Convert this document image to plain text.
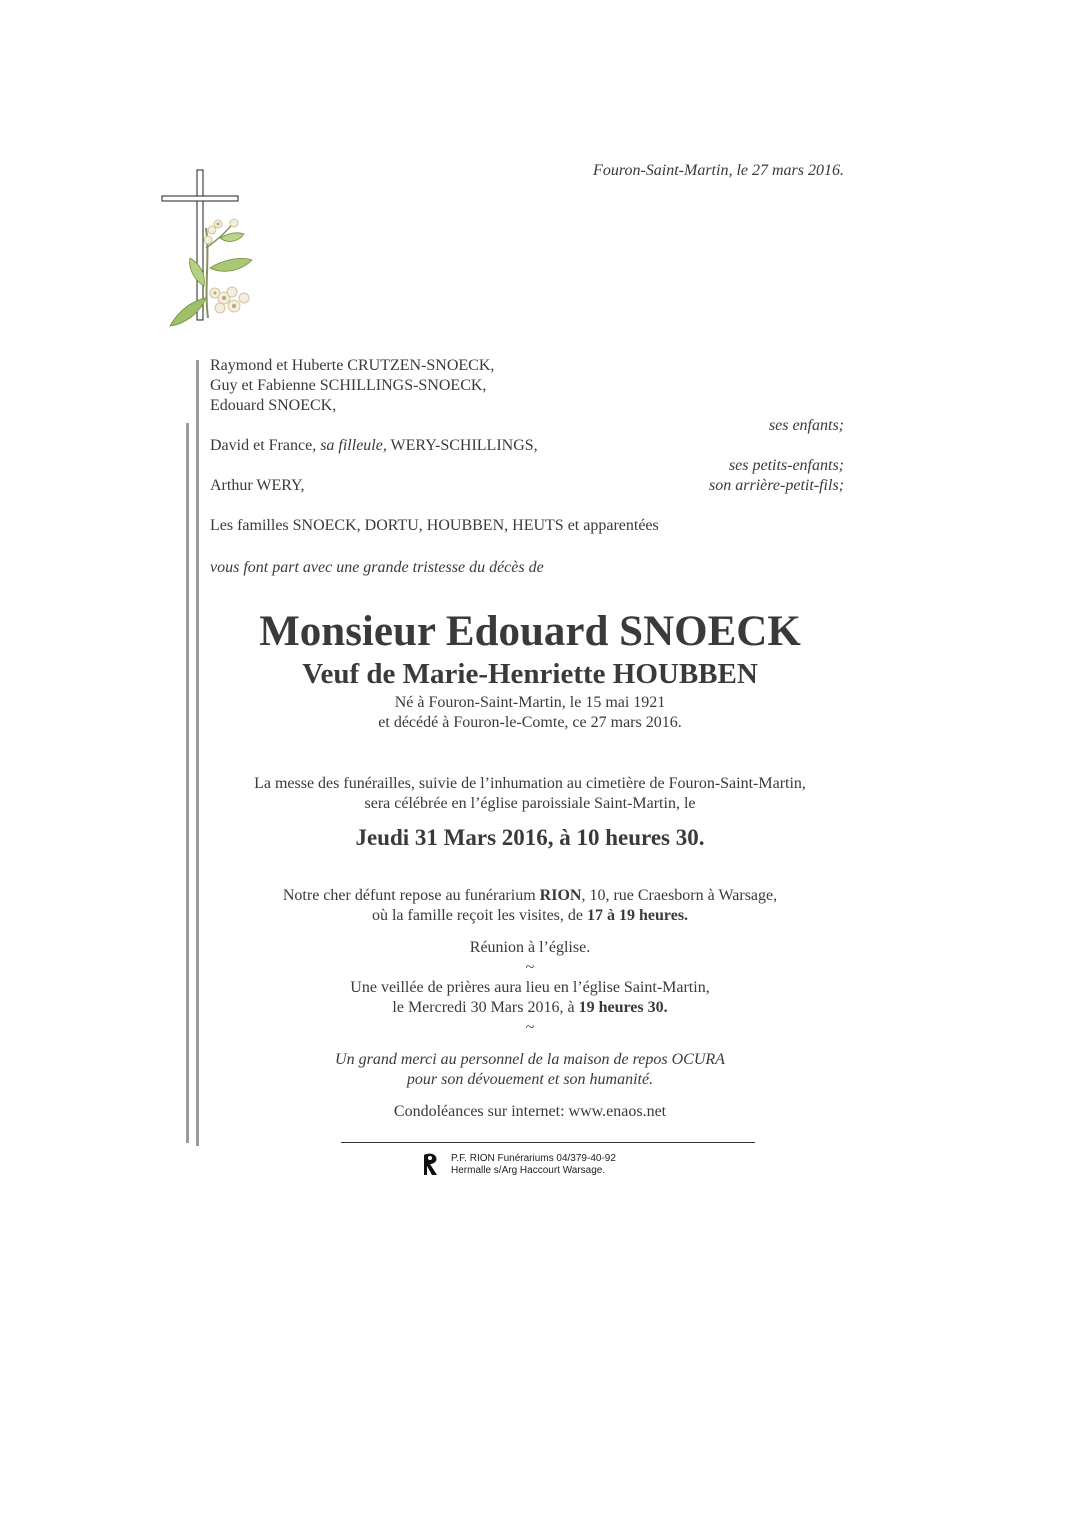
Fouron-Saint-Martin, le 27 mars 2016.
Raymond et Huberte CRUTZEN-SNOECK,
Guy et Fabienne SCHILLINGS-SNOECK,
Edouard SNOECK,
ses enfants;
David et France, sa filleule, WERY-SCHILLINGS,
ses petits-enfants;
Arthur WERY,	son arrière-petit-fils;
Les familles SNOECK, DORTU, HOUBBEN, HEUTS et apparentées
vous font part avec une grande tristesse du décès de
Monsieur Edouard SNOECK
Veuf de Marie-Henriette HOUBBEN
Né à Fouron-Saint-Martin, le 15 mai 1921
et décédé à Fouron-le-Comte, ce 27 mars 2016.
La messe des funérailles, suivie de l’inhumation au cimetière de Fouron-Saint-Martin,
sera célébrée en l’église paroissiale Saint-Martin, le
Jeudi 31 Mars 2016, à 10 heures 30.
Notre cher défunt repose au funérarium RION, 10, rue Craesborn à Warsage,
où la famille reçoit les visites, de 17 à 19 heures.
Réunion à l’église.
~
Une veillée de prières aura lieu en l’église Saint-Martin,
le Mercredi 30 Mars 2016, à 19 heures 30.
~
Un grand merci au personnel de la maison de repos OCURA
pour son dévouement et son humanité.
Condoléances sur internet: www.enaos.net
P.F. RION Funérariums 04/379-40-92
Hermalle s/Arg Haccourt Warsage.
